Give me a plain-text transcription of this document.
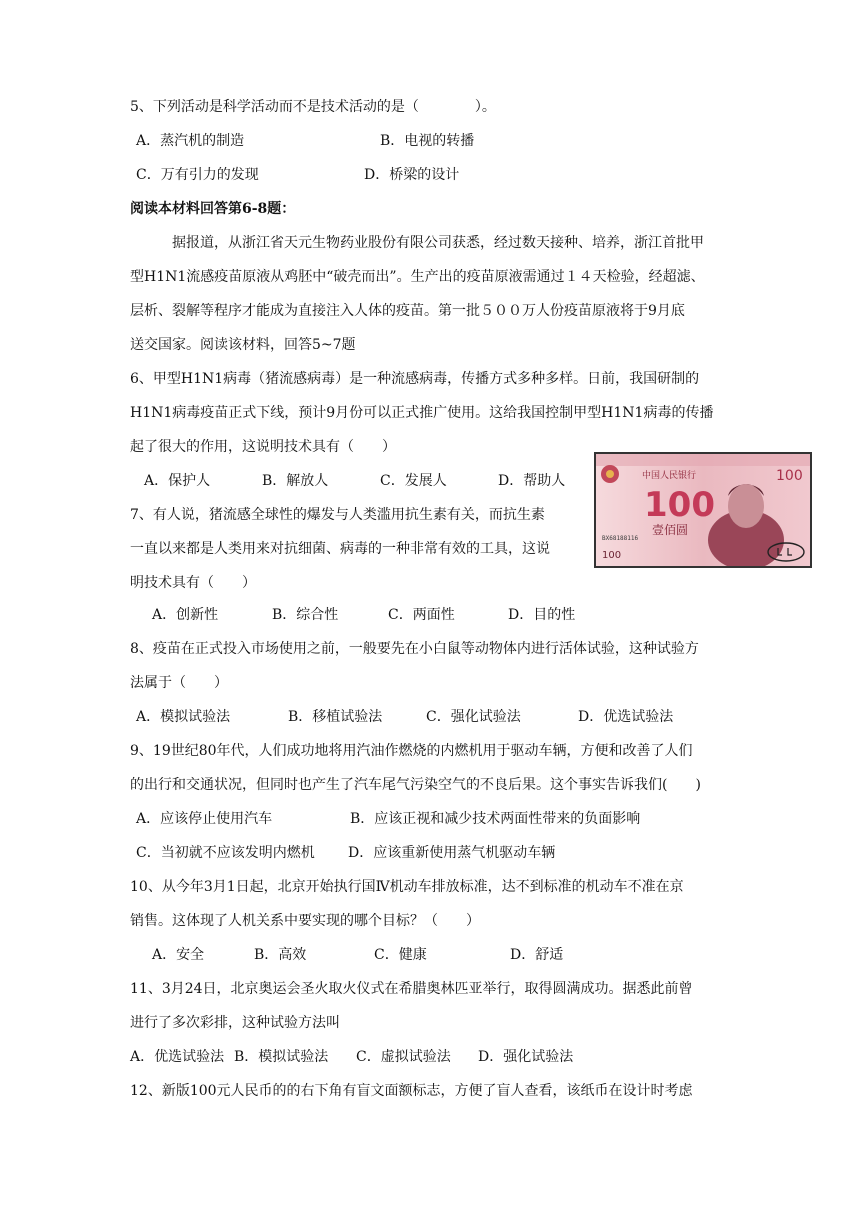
5、下列活动是科学活动而不是技术活动的是（　　　　）。
A．蒸汽机的制造	B．电视的转播
C．万有引力的发现	D．桥梁的设计
阅读本材料回答第6-8题：
据报道，从浙江省天元生物药业股份有限公司获悉，经过数天接种、培养，浙江首批甲
型H1N1流感疫苗原液从鸡胚中“破壳而出”。生产出的疫苗原液需通过１４天检验，经超滤、
层析、裂解等程序才能成为直接注入人体的疫苗。第一批５００万人份疫苗原液将于9月底
送交国家。阅读该材料，回答5~7题
6、甲型H1N1病毒（猪流感病毒）是一种流感病毒，传播方式多种多样。日前，我国研制的
H1N1病毒疫苗正式下线，预计9月份可以正式推广使用。这给我国控制甲型H1N1病毒的传播
起了很大的作用，这说明技术具有（　　）
A．保护人	B．解放人	C．发展人	D．帮助人	中国人民银行	100
100
壹佰圆
BX68188116
100
7、有人说，猪流感全球性的爆发与人类滥用抗生素有关，而抗生素
一直以来都是人类用来对抗细菌、病毒的一种非常有效的工具，这说
明技术具有（　　）
A．创新性	B．综合性	C．两面性	D．目的性
8、疫苗在正式投入市场使用之前，一般要先在小白鼠等动物体内进行活体试验，这种试验方
法属于（　　）
A．模拟试验法	B．移植试验法	C．强化试验法	D．优选试验法
9、19世纪80年代，人们成功地将用汽油作燃烧的内燃机用于驱动车辆，方便和改善了人们
的出行和交通状况，但同时也产生了汽车尾气污染空气的不良后果。这个事实告诉我们(　　)
A．应该停止使用汽车	B．应该正视和减少技术两面性带来的负面影响
C．当初就不应该发明内燃机 D．应该重新使用蒸气机驱动车辆
10、从今年3月1日起，北京开始执行国Ⅳ机动车排放标准，达不到标准的机动车不准在京
销售。这体现了人机关系中要实现的哪个目标？（　　）
A．安全	B．高效	C．健康	D．舒适
11、3月24日，北京奥运会圣火取火仪式在希腊奥林匹亚举行，取得圆满成功。据悉此前曾
进行了多次彩排，这种试验方法叫
A．优选试验法 B．模拟试验法 C．虚拟试验法 D．强化试验法
12、新版100元人民币的的右下角有盲文面额标志，方便了盲人查看，该纸币在设计时考虑
